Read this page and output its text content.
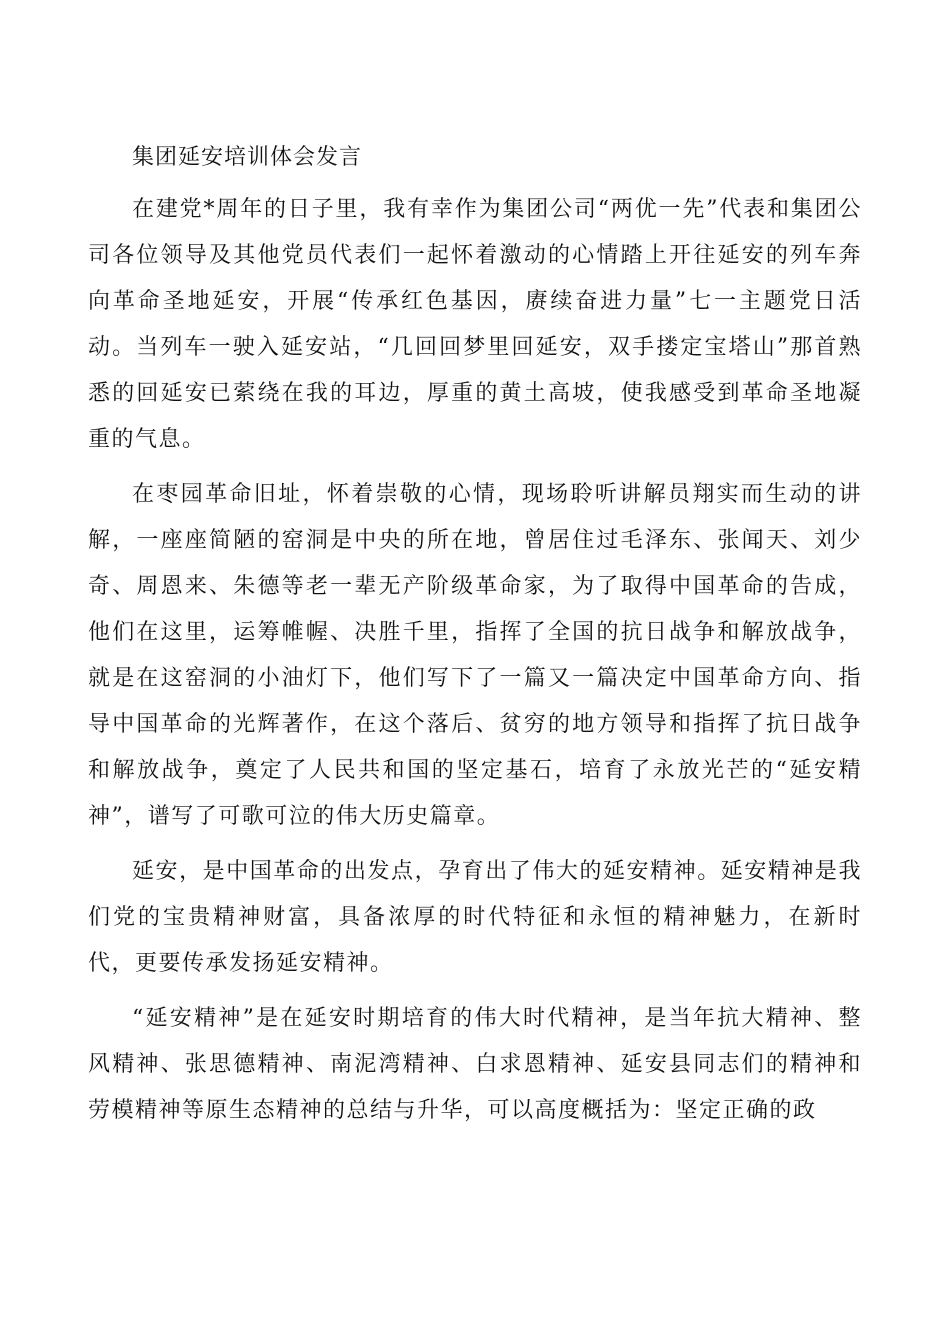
集团延安培训体会发言

在建党*周年的日子里，我有幸作为集团公司“两优一先”代表和集团公司各位领导及其他党员代表们一起怀着激动的心情踏上开往延安的列车奔向革命圣地延安，开展“传承红色基因，赓续奋进力量”七一主题党日活动。当列车一驶入延安站，“几回回梦里回延安，双手搂定宝塔山”那首熟悉的回延安已萦绕在我的耳边，厚重的黄土高坡，使我感受到革命圣地凝重的气息。

在枣园革命旧址，怀着崇敬的心情，现场聆听讲解员翔实而生动的讲解，一座座简陋的窑洞是中央的所在地，曾居住过毛泽东、张闻天、刘少奇、周恩来、朱德等老一辈无产阶级革命家，为了取得中国革命的告成，他们在这里，运筹帷幄、决胜千里，指挥了全国的抗日战争和解放战争，就是在这窑洞的小油灯下，他们写下了一篇又一篇决定中国革命方向、指导中国革命的光辉著作，在这个落后、贫穷的地方领导和指挥了抗日战争和解放战争，奠定了人民共和国的坚定基石，培育了永放光芒的“延安精神”，谱写了可歌可泣的伟大历史篇章。

延安，是中国革命的出发点，孕育出了伟大的延安精神。延安精神是我们党的宝贵精神财富，具备浓厚的时代特征和永恒的精神魅力，在新时代，更要传承发扬延安精神。

“延安精神”是在延安时期培育的伟大时代精神，是当年抗大精神、整风精神、张思德精神、南泥湾精神、白求恩精神、延安县同志们的精神和劳模精神等原生态精神的总结与升华，可以高度概括为：坚定正确的政
